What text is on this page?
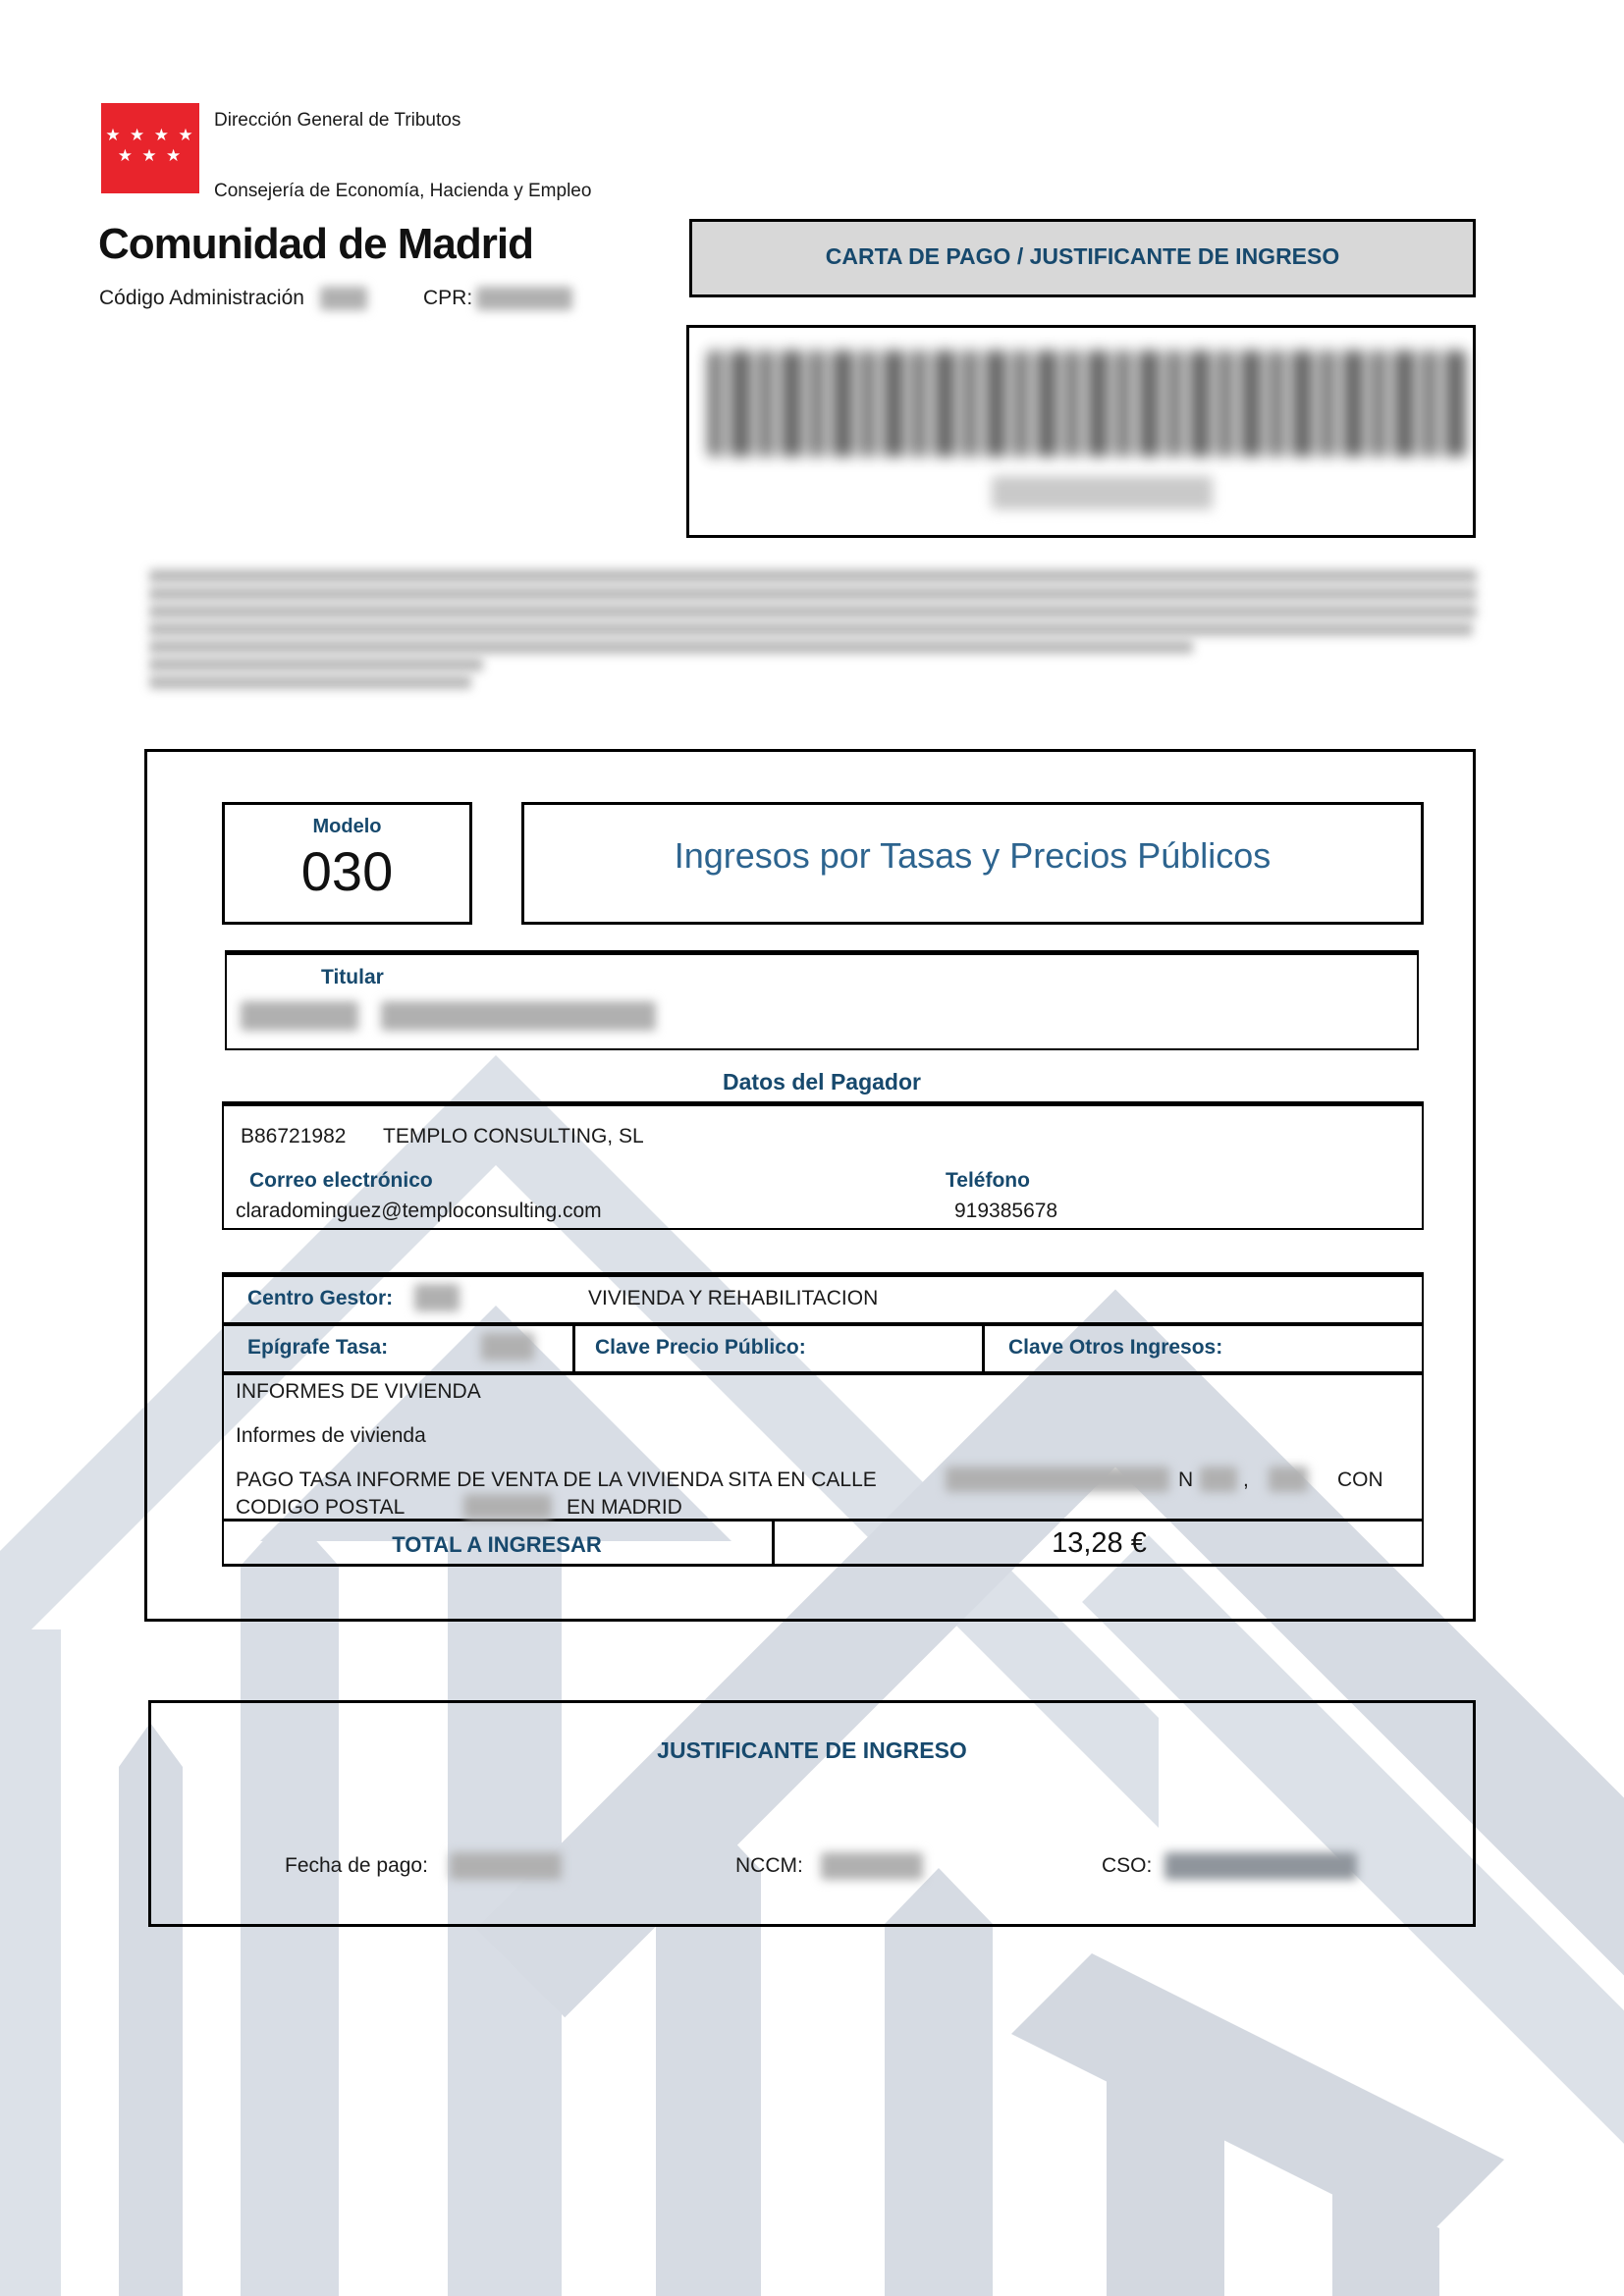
★ ★ ★ ★
★ ★ ★
Dirección General de Tributos
Consejería de Economía, Hacienda y Empleo
Comunidad de Madrid
Código Administración	CPR:
CARTA DE PAGO / JUSTIFICANTE DE INGRESO
Modelo
030	Ingresos por Tasas y Precios Públicos
Titular
Datos del Pagador
B86721982 TEMPLO CONSULTING, SL
Correo electrónico	Teléfono
claradominguez@temploconsulting.com	919385678
Centro Gestor:	VIVIENDA Y REHABILITACION
Epígrafe Tasa:	Clave Precio Público:	Clave Otros Ingresos:
INFORMES DE VIVIENDA
Informes de vivienda
PAGO TASA INFORME DE VENTA DE LA VIVIENDA SITA EN CALLE	N ,	CON
CODIGO POSTAL	EN MADRID
TOTAL A INGRESAR	13,28 €
JUSTIFICANTE DE INGRESO
Fecha de pago:	NCCM:	CSO:
